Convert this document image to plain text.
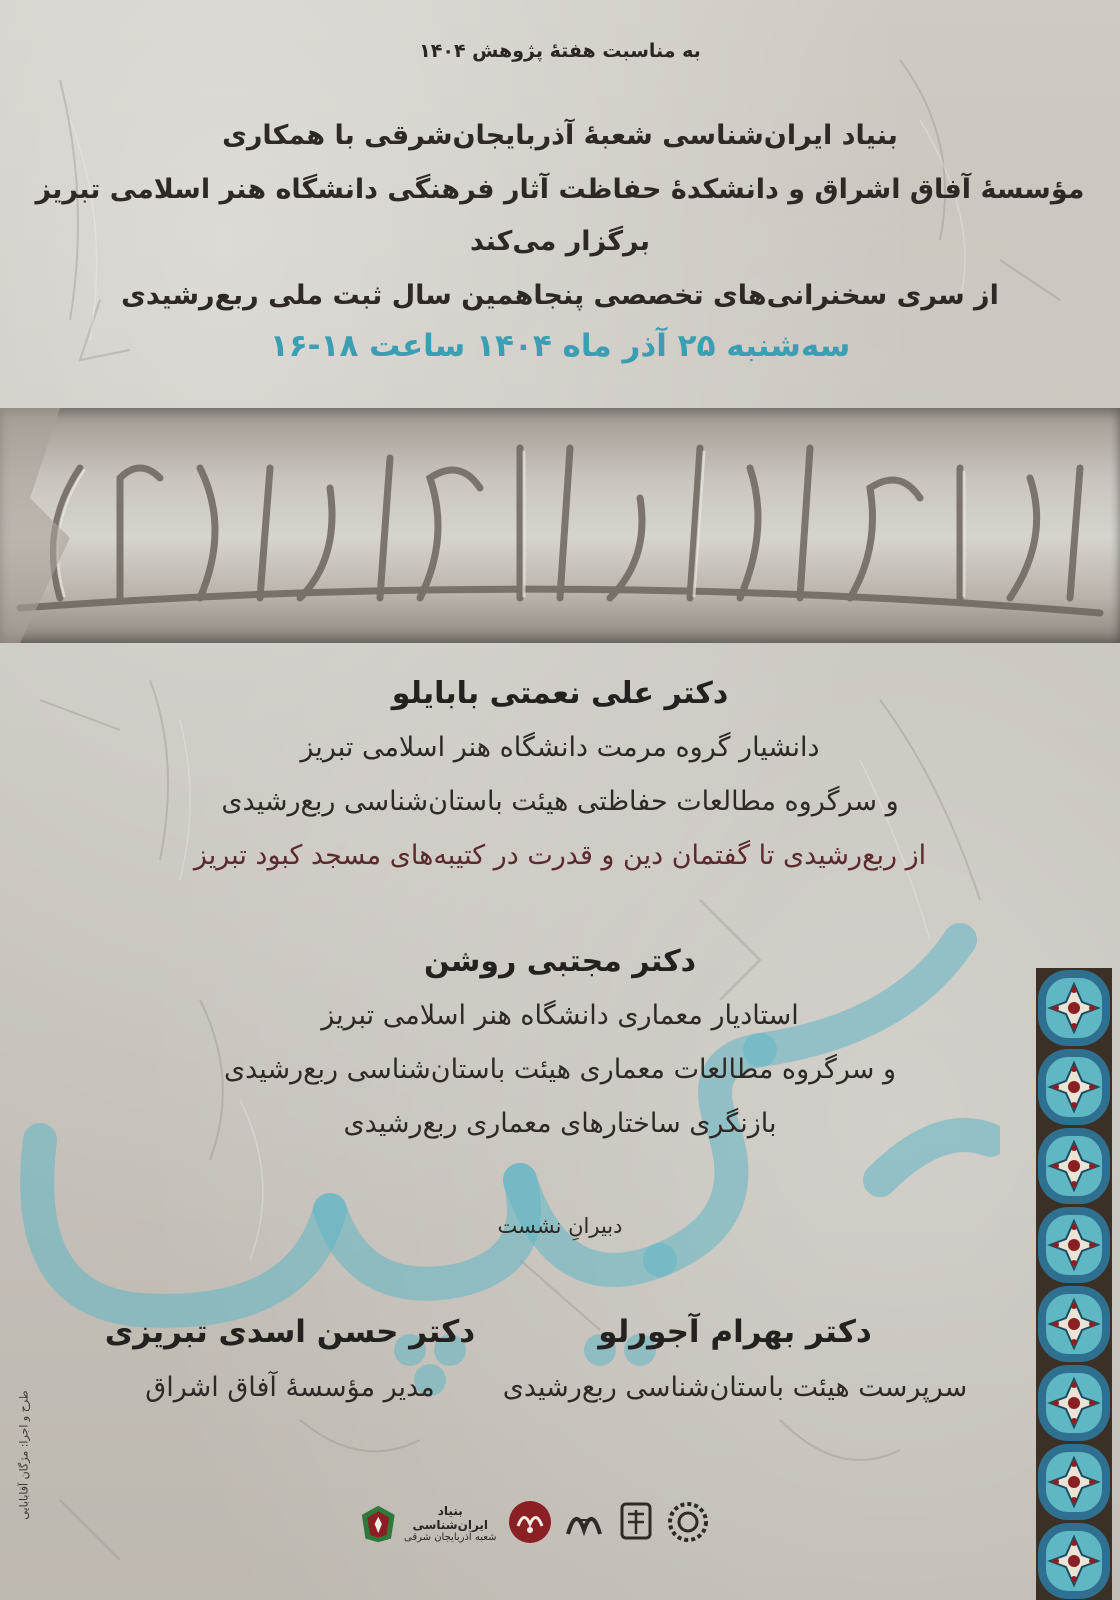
به مناسبت هفتهٔ پژوهش ۱۴۰۴
بنیاد ایران‌شناسی شعبهٔ آذربایجان‌شرقی با همکاری
مؤسسهٔ آفاق اشراق و دانشکدهٔ حفاظت آثار فرهنگی دانشگاه هنر اسلامی تبریز
برگزار می‌کند
از سری سخنرانی‌های تخصصی پنجاهمین سال ثبت ملی ربع‌رشیدی
سه‌شنبه ۲۵ آذر ماه ۱۴۰۴ ساعت ۱۸-۱۶
دکتر علی نعمتی بابایلو
دانشیار گروه مرمت دانشگاه هنر اسلامی تبریز
و سرگروه مطالعات حفاظتی هیئت باستان‌شناسی ربع‌رشیدی
از ربع‌رشیدی تا گفتمان دین و قدرت در کتیبه‌های مسجد کبود تبریز
دکتر مجتبی روشن
استادیار معماری دانشگاه هنر اسلامی تبریز
و سرگروه مطالعات معماری هیئت باستان‌شناسی ربع‌رشیدی
بازنگری ساختارهای معماری ربع‌رشیدی
دبیرانِ نشست
دکتر بهرام آجورلو
سرپرست هیئت باستان‌شناسی ربع‌رشیدی
دکتر حسن اسدی تبریزی
مدیر مؤسسهٔ آفاق اشراق
طرح و اجرا: مژگان آقابابایی	بنیاد ایران‌شناسی
شعبه آذربایجان شرقی
